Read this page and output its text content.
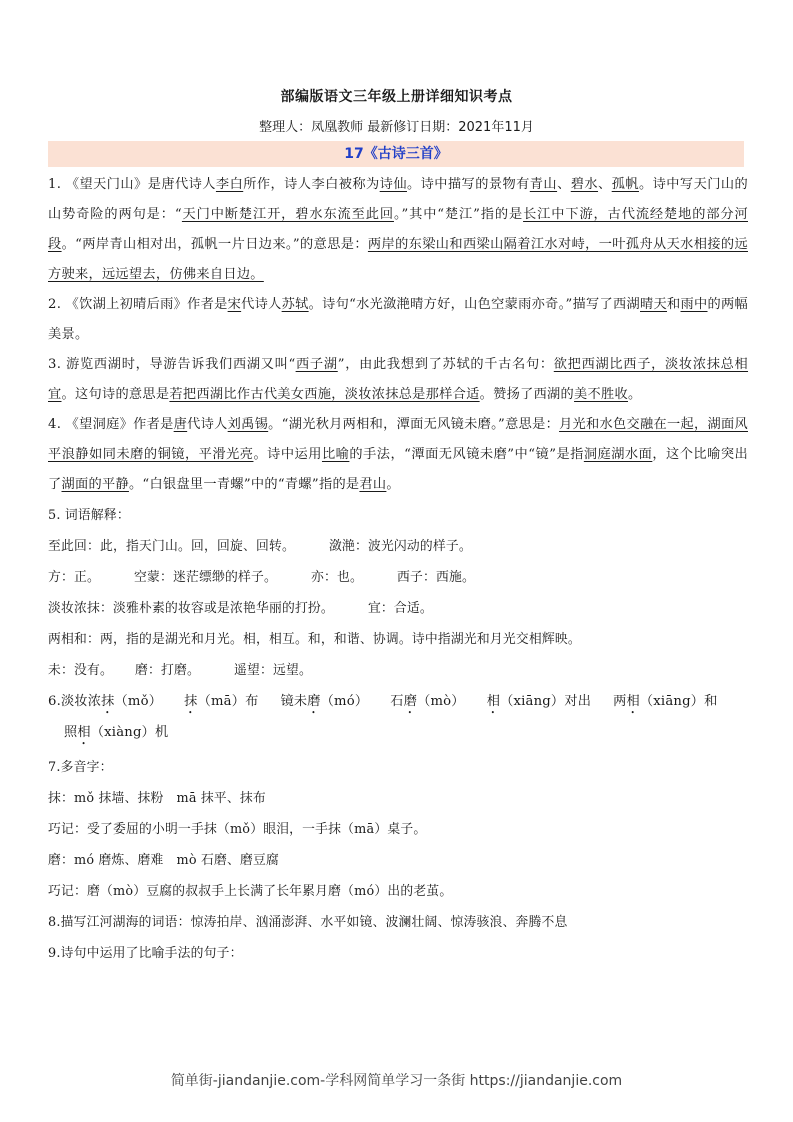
部编版语文三年级上册详细知识考点
整理人：凤凰教师 最新修订日期：2021年11月
17《古诗三首》

1. 《望天门山》是唐代诗人李白所作，诗人李白被称为诗仙。诗中描写的景物有青山、碧水、孤帆。诗中写天门山的山势奇险的两句是：“天门中断楚江开，碧水东流至此回。”其中“楚江”指的是长江中下游，古代流经楚地的部分河段。“两岸青山相对出，孤帆一片日边来。”的意思是：两岸的东梁山和西梁山隔着江水对峙，一叶孤舟从天水相接的远方驶来，远远望去，仿佛来自日边。

2. 《饮湖上初晴后雨》作者是宋代诗人苏轼。诗句“水光潋滟晴方好，山色空蒙雨亦奇。”描写了西湖晴天和雨中的两幅美景。

3. 游览西湖时，导游告诉我们西湖又叫“西子湖”，由此我想到了苏轼的千古名句：欲把西湖比西子，淡妆浓抹总相宜。这句诗的意思是若把西湖比作古代美女西施，淡妆浓抹总是那样合适。赞扬了西湖的美不胜收。

4. 《望洞庭》作者是唐代诗人刘禹锡。“湖光秋月两相和，潭面无风镜未磨。”意思是：月光和水色交融在一起，湖面风平浪静如同未磨的铜镜，平滑光亮。诗中运用比喻的手法，“潭面无风镜未磨”中“镜”是指洞庭湖水面，这个比喻突出了湖面的平静。“白银盘里一青螺”中的“青螺”指的是君山。

5. 词语解释：

至此回：此，指天门山。回，回旋、回转。	潋滟：波光闪动的样子。

方：正。	空蒙：迷茫缥缈的样子。	亦：也。	西子：西施。

淡妆浓抹：淡雅朴素的妆容或是浓艳华丽的打扮。	宜：合适。

两相和：两，指的是湖光和月光。相，相互。和，和谐、协调。诗中指湖光和月光交相辉映。

未：没有。 磨：打磨。	遥望：远望。

6.淡妆浓抹（mǒ） 抹（mā）布 镜未磨（mó） 石磨（mò） 相（xiāng）对出 两相（xiāng）和

照相（xiàng）机

7.多音字：

抹：mǒ 抹墙、抹粉　mā 抹平、抹布

巧记：受了委屈的小明一手抹（mǒ）眼泪，一手抹（mā）桌子。

磨：mó 磨炼、磨难　mò 石磨、磨豆腐

巧记：磨（mò）豆腐的叔叔手上长满了长年累月磨（mó）出的老茧。

8.描写江河湖海的词语：惊涛拍岸、汹涌澎湃、水平如镜、波澜壮阔、惊涛骇浪、奔腾不息

9.诗句中运用了比喻手法的句子：

简单街-jiandanjie.com-学科网简单学习一条街 https://jiandanjie.com
